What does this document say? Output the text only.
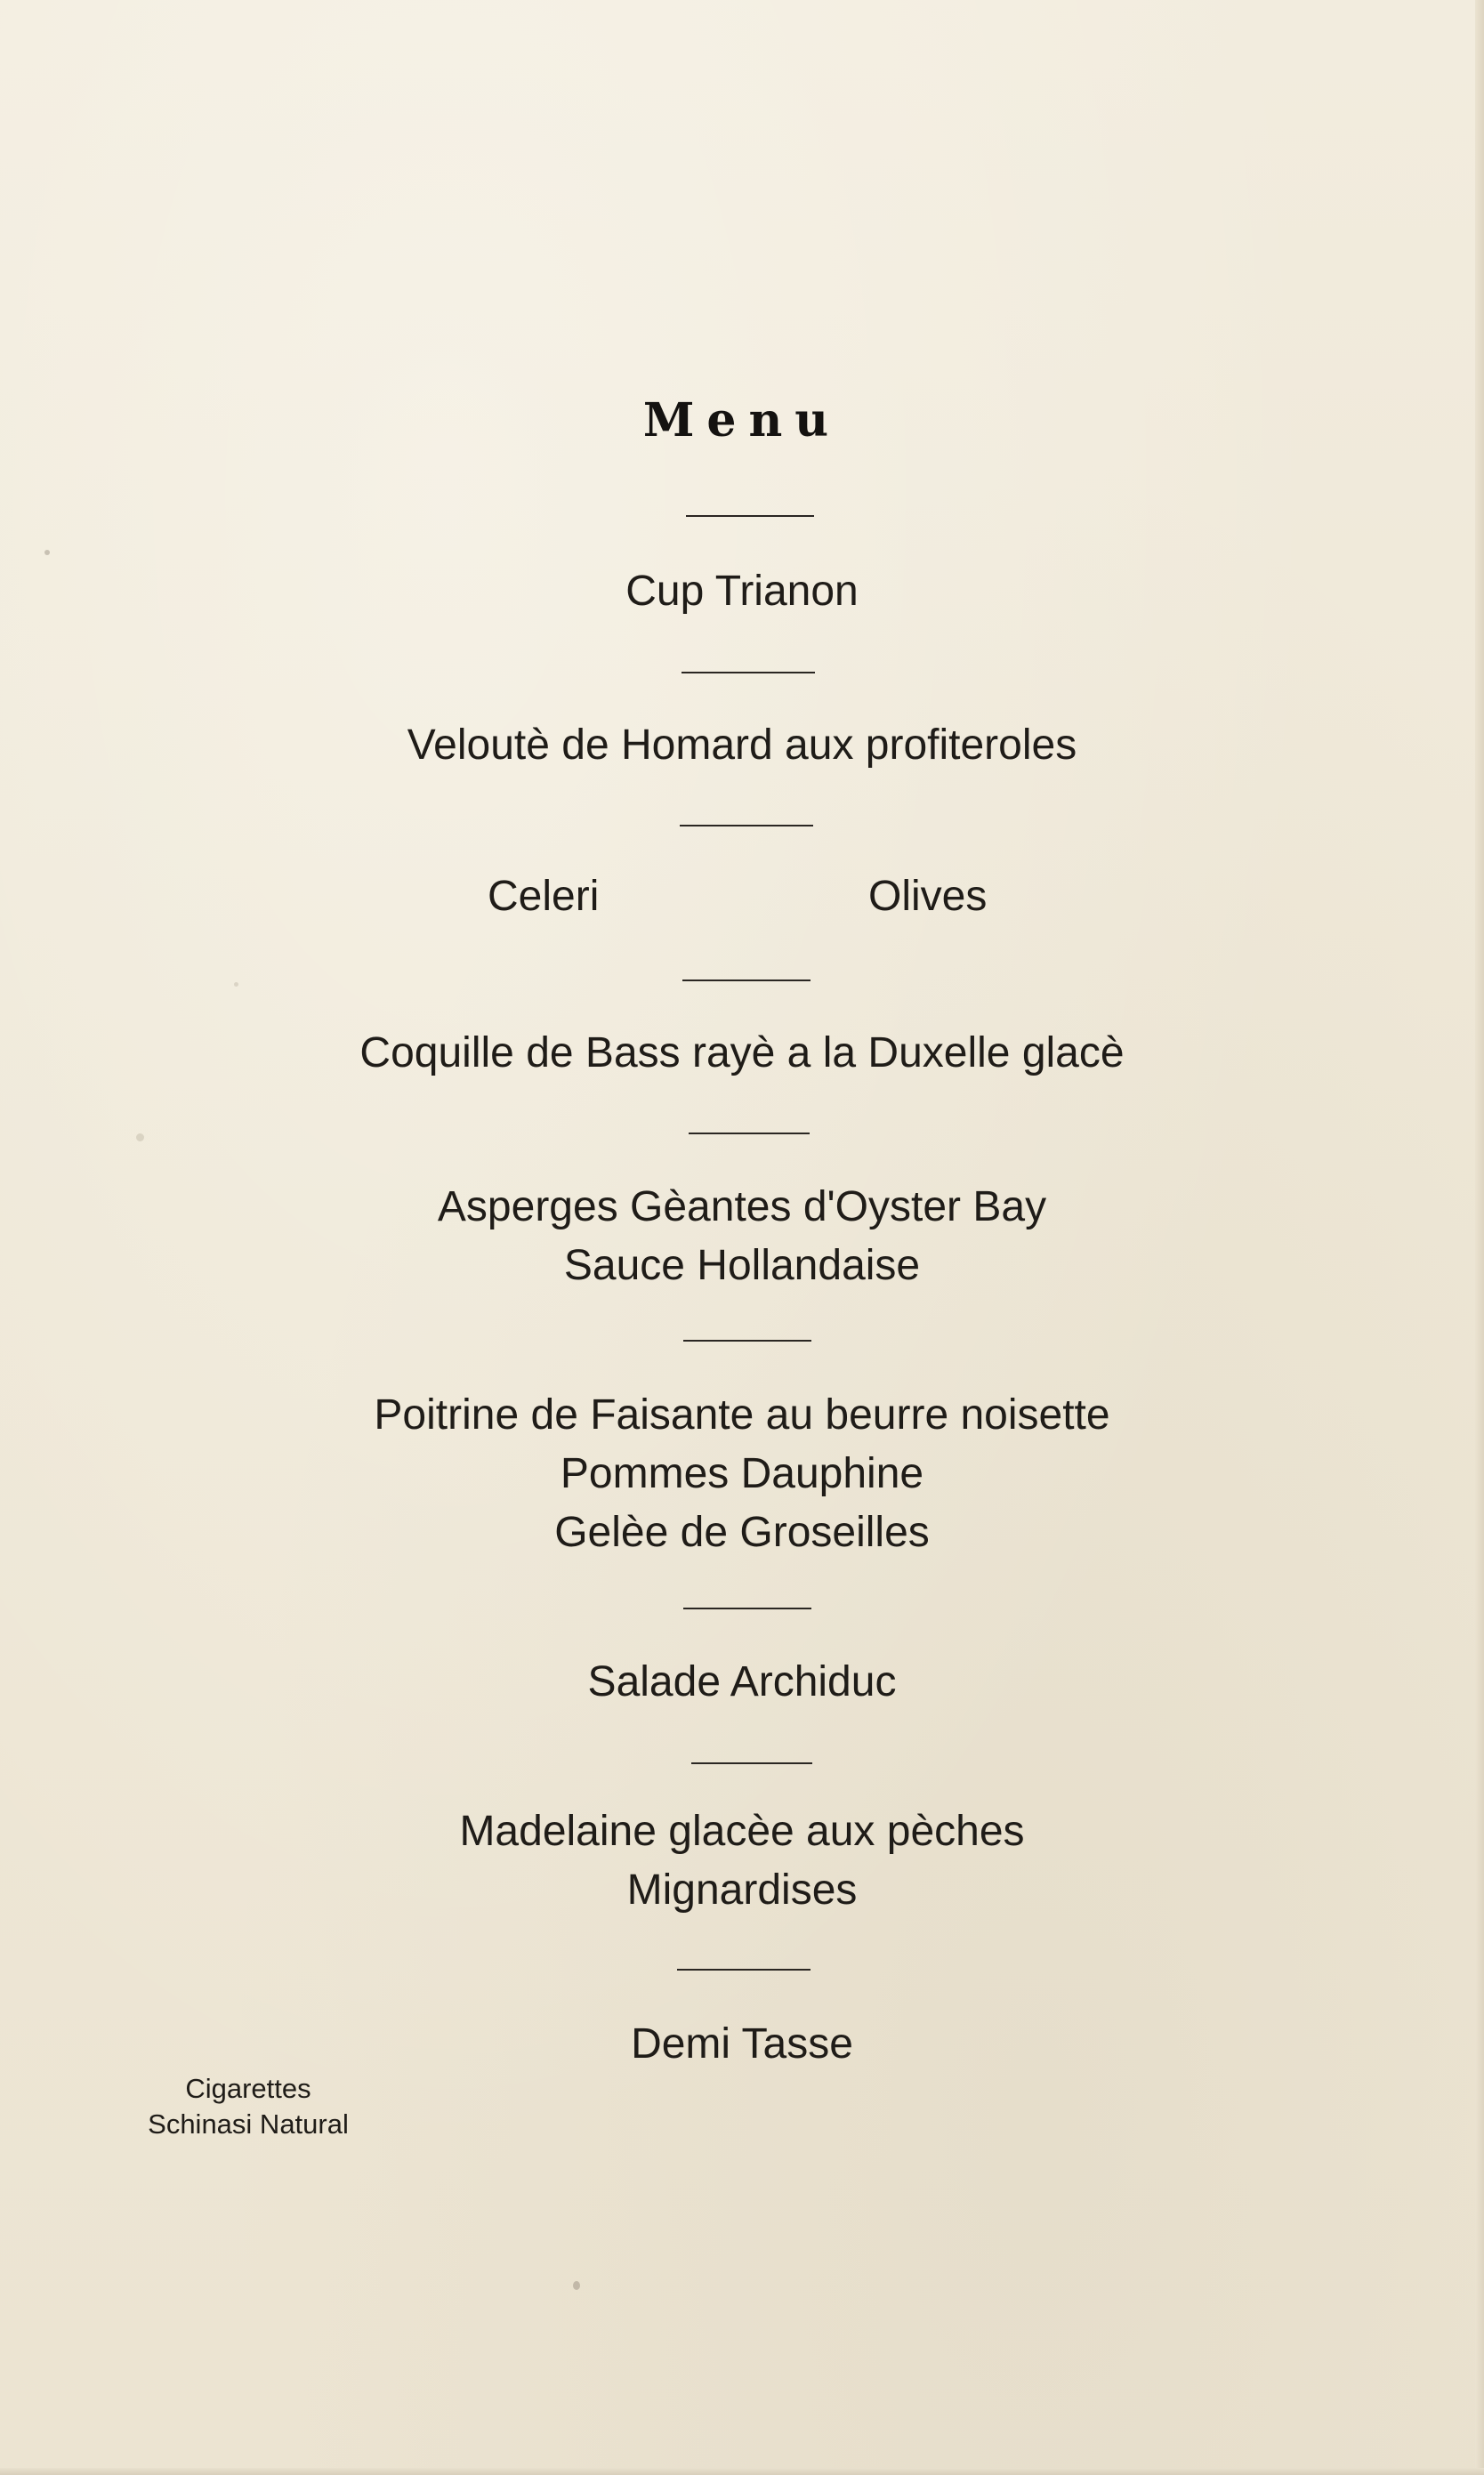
Menu
Cup Trianon
Veloutè de Homard aux profiteroles
Celeri	Olives
Coquille de Bass rayè a la Duxelle glacè
Asperges Gèantes d'Oyster Bay
Sauce Hollandaise
Poitrine de Faisante au beurre noisette
Pommes Dauphine
Gelèe de Groseilles
Salade Archiduc
Madelaine glacèe aux pèches
Mignardises
Demi Tasse
Cigarettes
Schinasi Natural
